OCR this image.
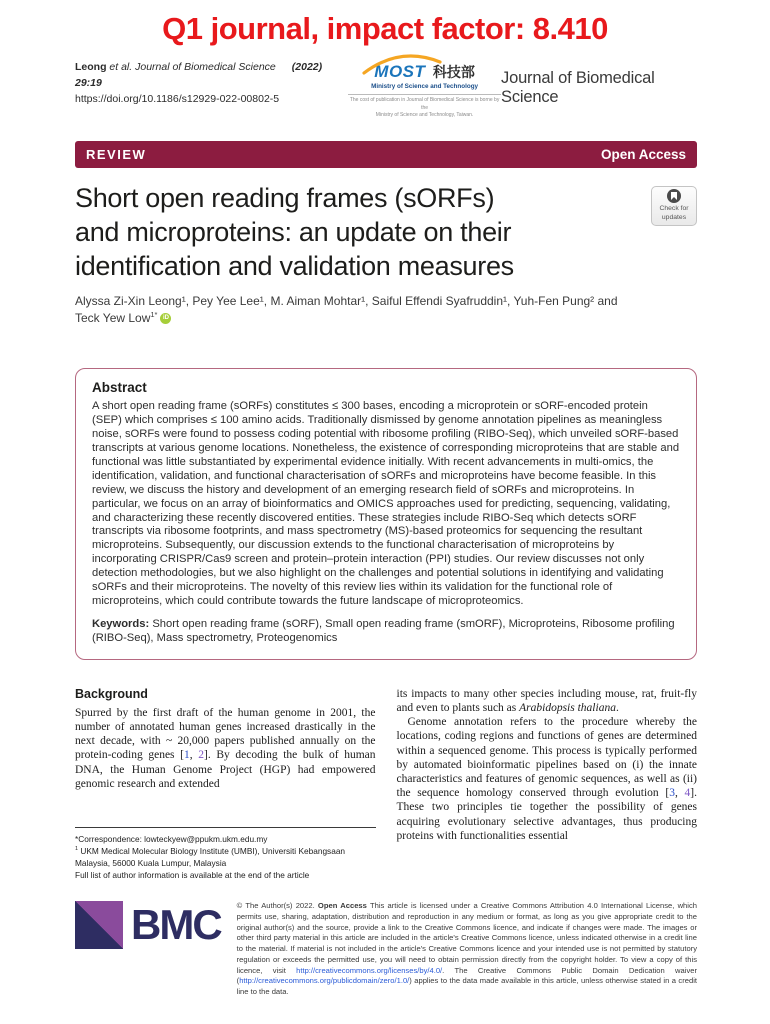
Q1 journal, impact factor: 8.410
Leong et al. Journal of Biomedical Science (2022) 29:19
https://doi.org/10.1186/s12929-022-00802-5
MOST 科技部
Ministry of Science and Technology
The cost of publication in Journal of Biomedical Science is borne by the
Ministry of Science and Technology, Taiwan.
Journal of Biomedical Science
REVIEW	Open Access
Short open reading frames (sORFs)
and microproteins: an update on their
identification and validation measures
Check for
updates
Alyssa Zi-Xin Leong¹, Pey Yee Lee¹, M. Aiman Mohtar¹, Saiful Effendi Syafruddin¹, Yuh-Fen Pung² and
Teck Yew Low$^{1*}$ iD
Abstract

A short open reading frame (sORFs) constitutes ≤ 300 bases, encoding a microprotein or sORF-encoded protein (SEP) which comprises ≤ 100 amino acids. Traditionally dismissed by genome annotation pipelines as meaningless noise, sORFs were found to possess coding potential with ribosome profiling (RIBO-Seq), which unveiled sORF-based transcripts at various genome locations. Nonetheless, the existence of corresponding microproteins that are stable and functional was little substantiated by experimental evidence initially. With recent advancements in multi-omics, the identification, validation, and functional characterisation of sORFs and microproteins have become feasible. In this review, we discuss the history and development of an emerging research field of sORFs and microproteins. In particular, we focus on an array of bioinformatics and OMICS approaches used for predicting, sequencing, validating, and characterizing these recently discovered entities. These strategies include RIBO-Seq which detects sORF transcripts via ribosome footprints, and mass spectrometry (MS)-based proteomics for sequencing the resultant microproteins. Subsequently, our discussion extends to the functional characterisation of microproteins by incorporating CRISPR/Cas9 screen and protein–protein interaction (PPI) studies. Our review discusses not only detection methodologies, but we also highlight on the challenges and potential solutions in identifying and validating sORFs and their microproteins. The novelty of this review lies within its validation for the functional role of microproteins, which could contribute towards the future landscape of microproteomics.

Keywords: Short open reading frame (sORF), Small open reading frame (smORF), Microproteins, Ribosome profiling (RIBO-Seq), Mass spectrometry, Proteogenomics

Background

Spurred by the first draft of the human genome in 2001, the number of annotated human genes increased drastically in the next decade, with ~ 20,000 papers published annually on the protein-coding genes [1, 2]. By decoding the bulk of human DNA, the Human Genome Project (HGP) had empowered genomic research and extended

*Correspondence: lowteckyew@ppukm.ukm.edu.my
$^1$ UKM Medical Molecular Biology Institute (UMBI), Universiti Kebangsaan Malaysia, 56000 Kuala Lumpur, Malaysia
Full list of author information is available at the end of the article

its impacts to many other species including mouse, rat, fruit-fly and even to plants such as Arabidopsis thaliana.

Genome annotation refers to the procedure whereby the locations, coding regions and functions of genes are determined within a sequenced genome. This process is typically performed by automated bioinformatic pipelines based on (i) the innate characteristics and features of genomic sequences, as well as (ii) the sequence homology conserved through evolution [3, 4]. These two principles tie together the possibility of genes acquiring evolutionary selective advantages, thus producing proteins with functionalities essential

BMC © The Author(s) 2022. Open Access This article is licensed under a Creative Commons Attribution 4.0 International License, which permits use, sharing, adaptation, distribution and reproduction in any medium or format, as long as you give appropriate credit to the original author(s) and the source, provide a link to the Creative Commons licence, and indicate if changes were made. The images or other third party material in this article are included in the article's Creative Commons licence, unless indicated otherwise in a credit line to the material. If material is not included in the article's Creative Commons licence and your intended use is not permitted by statutory regulation or exceeds the permitted use, you will need to obtain permission directly from the copyright holder. To view a copy of this licence, visit http://creativecommons.org/licenses/by/4.0/. The Creative Commons Public Domain Dedication waiver (http://creativecommons.org/publicdomain/zero/1.0/) applies to the data made available in this article, unless otherwise stated in a credit line to the data.
